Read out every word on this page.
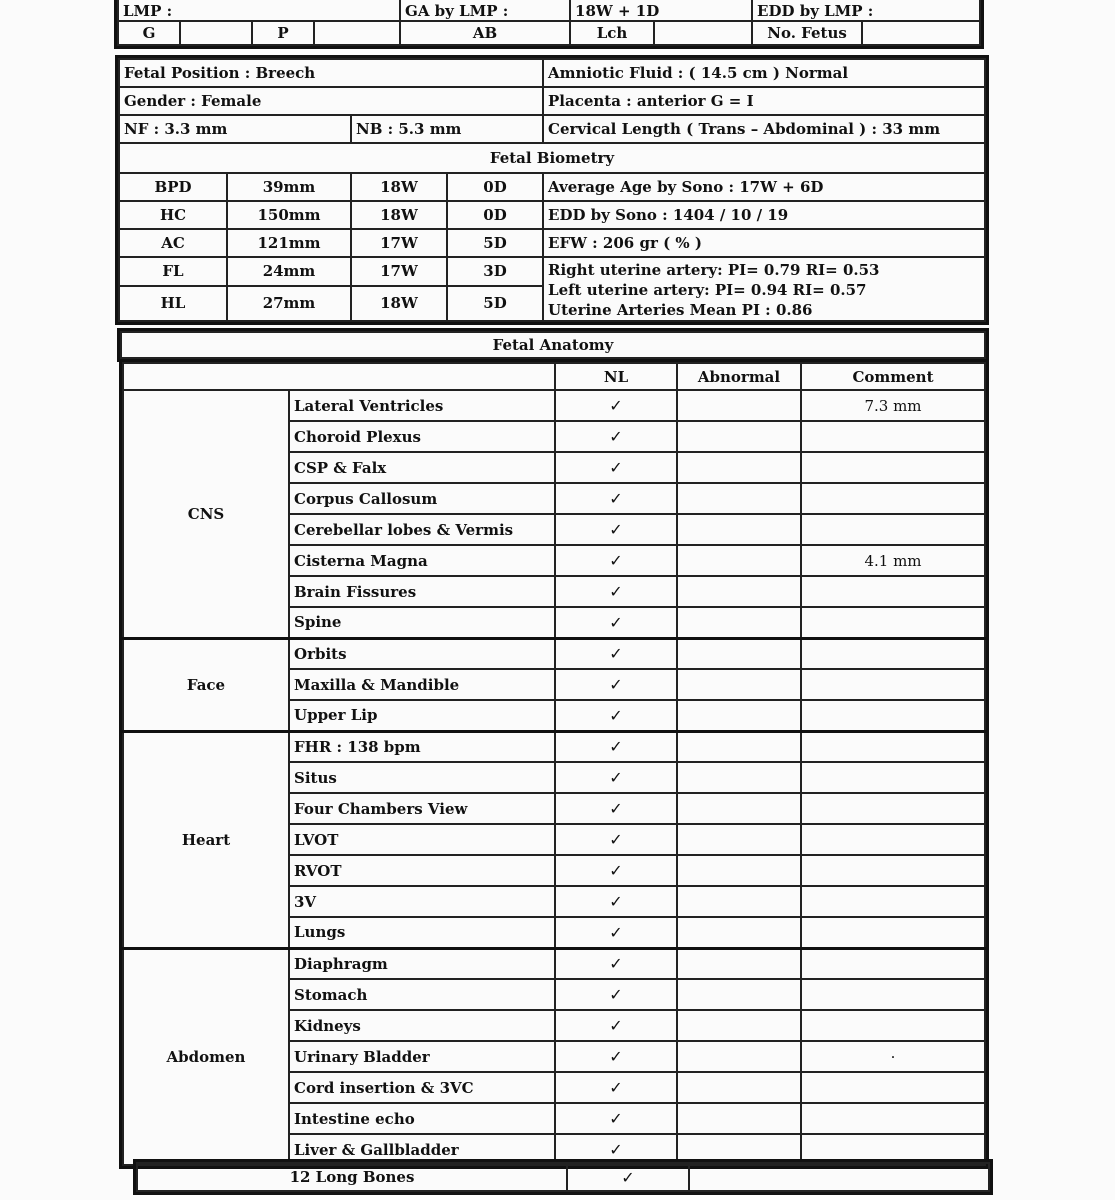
LMP :				GA by LMP :	18W + 1D		EDD by LMP :	
G		P		AB	Lch		No. Fetus	
Fetal Position : Breech				Amniotic Fluid : ( 14.5 cm ) Normal
Gender : Female				Placenta : anterior G = I
NF : 3.3 mm		NB : 5.3 mm		Cervical Length ( Trans – Abdominal ) : 33 mm
Fetal Biometry				
BPD	39mm	18W	0D	Average Age by Sono : 17W + 6D
HC	150mm	18W	0D	EDD by Sono : 1404 / 10 / 19
AC	121mm	17W	5D	EFW : 206 gr ( % )
FL	24mm	17W	3D	Right uterine artery: PI= 0.79 RI= 0.53
Left uterine artery: PI= 0.94 RI= 0.57
Uterine Arteries Mean PI : 0.86

HL	27mm	18W	5D	
Fetal Anatomy
		NL	Abnormal	Comment
CNS	Lateral Ventricles	✓		7.3 mm
	Choroid Plexus	✓		
	CSP & Falx	✓		
	Corpus Callosum	✓		
	Cerebellar lobes & Vermis	✓		
	Cisterna Magna	✓		4.1 mm
	Brain Fissures	✓		
	Spine	✓		
Face	Orbits	✓		
	Maxilla & Mandible	✓		
	Upper Lip	✓		
Heart	FHR : 138 bpm	✓		
	Situs	✓		
	Four Chambers View	✓		
	LVOT	✓		
	RVOT	✓		
	3V	✓		
	Lungs	✓		
Abdomen	Diaphragm	✓		
	Stomach	✓		
	Kidneys	✓		
	Urinary Bladder	✓		·
	Cord insertion & 3VC	✓		
	Intestine echo	✓		
	Liver & Gallbladder	✓		
12 Long Bones	✓	
